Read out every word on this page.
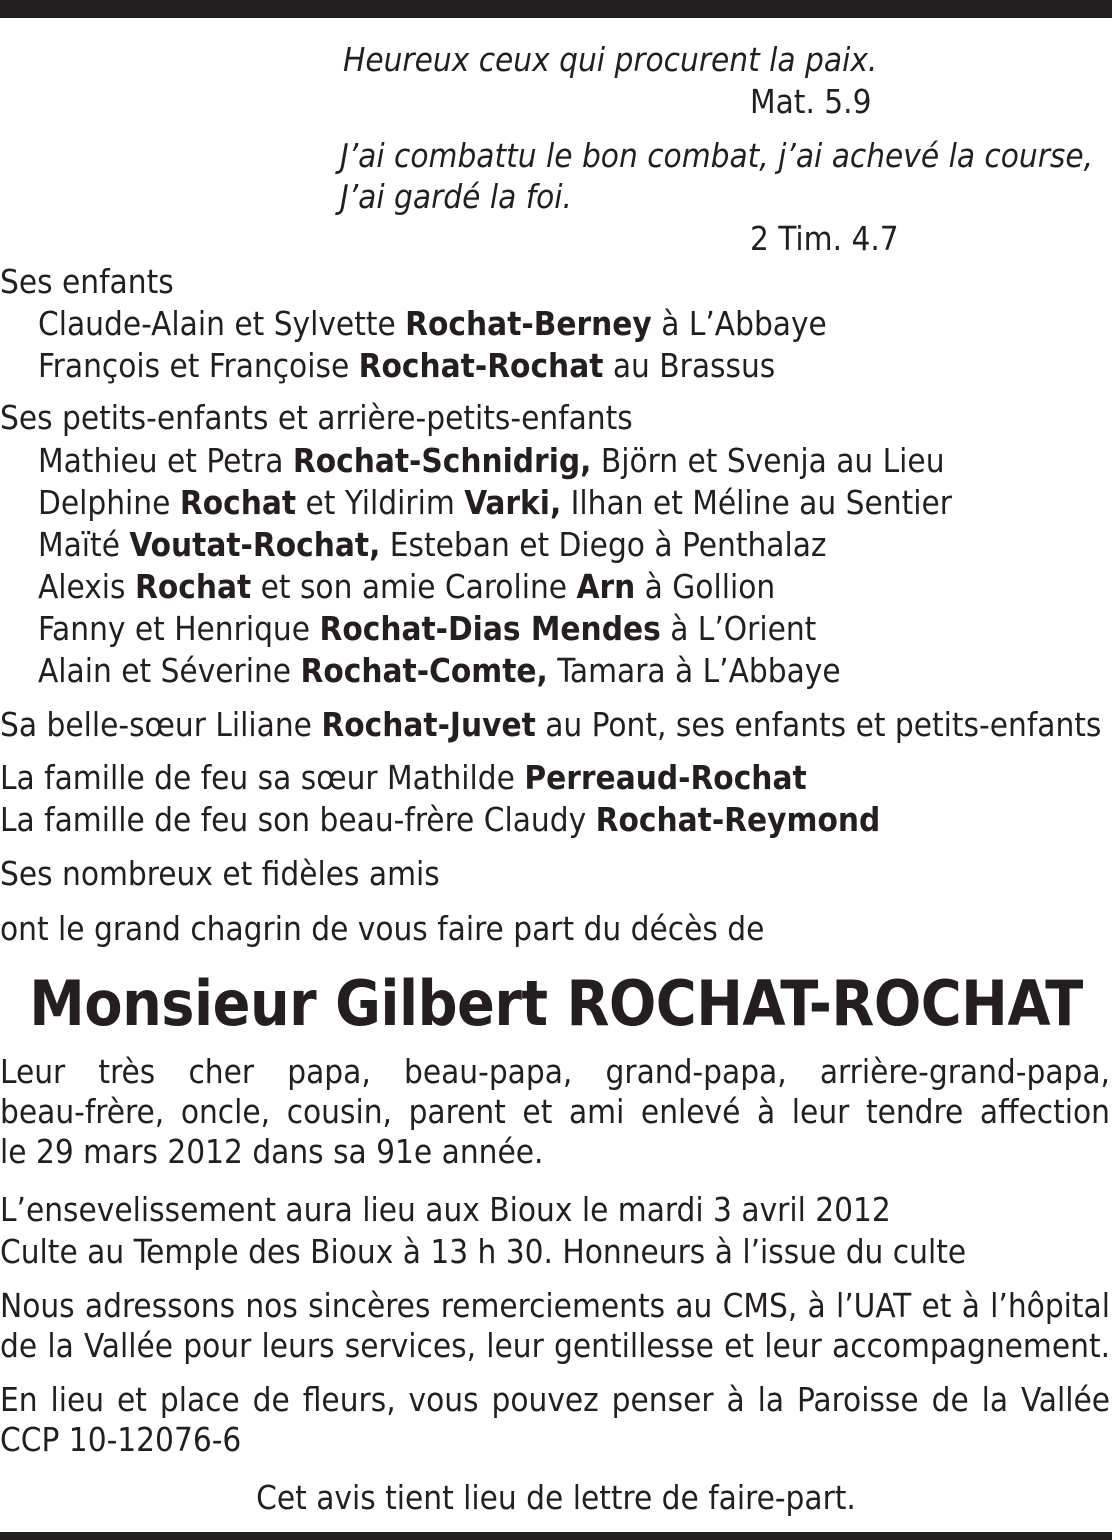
Heureux ceux qui procurent la paix.
Mat. 5.9
J’ai combattu le bon combat, j’ai achevé la course,
J’ai gardé la foi.
2 Tim. 4.7
Ses enfants
Claude-Alain et Sylvette Rochat-Berney à L’Abbaye
François et Françoise Rochat-Rochat au Brassus
Ses petits-enfants et arrière-petits-enfants
Mathieu et Petra Rochat-Schnidrig, Björn et Svenja au Lieu
Delphine Rochat et Yildirim Varki, Ilhan et Méline au Sentier
Maïté Voutat-Rochat, Esteban et Diego à Penthalaz
Alexis Rochat et son amie Caroline Arn à Gollion
Fanny et Henrique Rochat-Dias Mendes à L’Orient
Alain et Séverine Rochat-Comte, Tamara à L’Abbaye
Sa belle-sœur Liliane Rochat-Juvet au Pont, ses enfants et petits-enfants
La famille de feu sa sœur Mathilde Perreaud-Rochat
La famille de feu son beau-frère Claudy Rochat-Reymond
Ses nombreux et fidèles amis
ont le grand chagrin de vous faire part du décès de
Monsieur Gilbert ROCHAT-ROCHAT
Leur très cher papa, beau-papa, grand-papa, arrière-grand-papa,
beau-frère, oncle, cousin, parent et ami enlevé à leur tendre affection
le 29 mars 2012 dans sa 91e année.
L’ensevelissement aura lieu aux Bioux le mardi 3 avril 2012
Culte au Temple des Bioux à 13 h 30. Honneurs à l’issue du culte
Nous adressons nos sincères remerciements au CMS, à l’UAT et à l’hôpital
de la Vallée pour leurs services, leur gentillesse et leur accompagnement.
En lieu et place de fleurs, vous pouvez penser à la Paroisse de la Vallée
CCP 10-12076-6
Cet avis tient lieu de lettre de faire-part.
